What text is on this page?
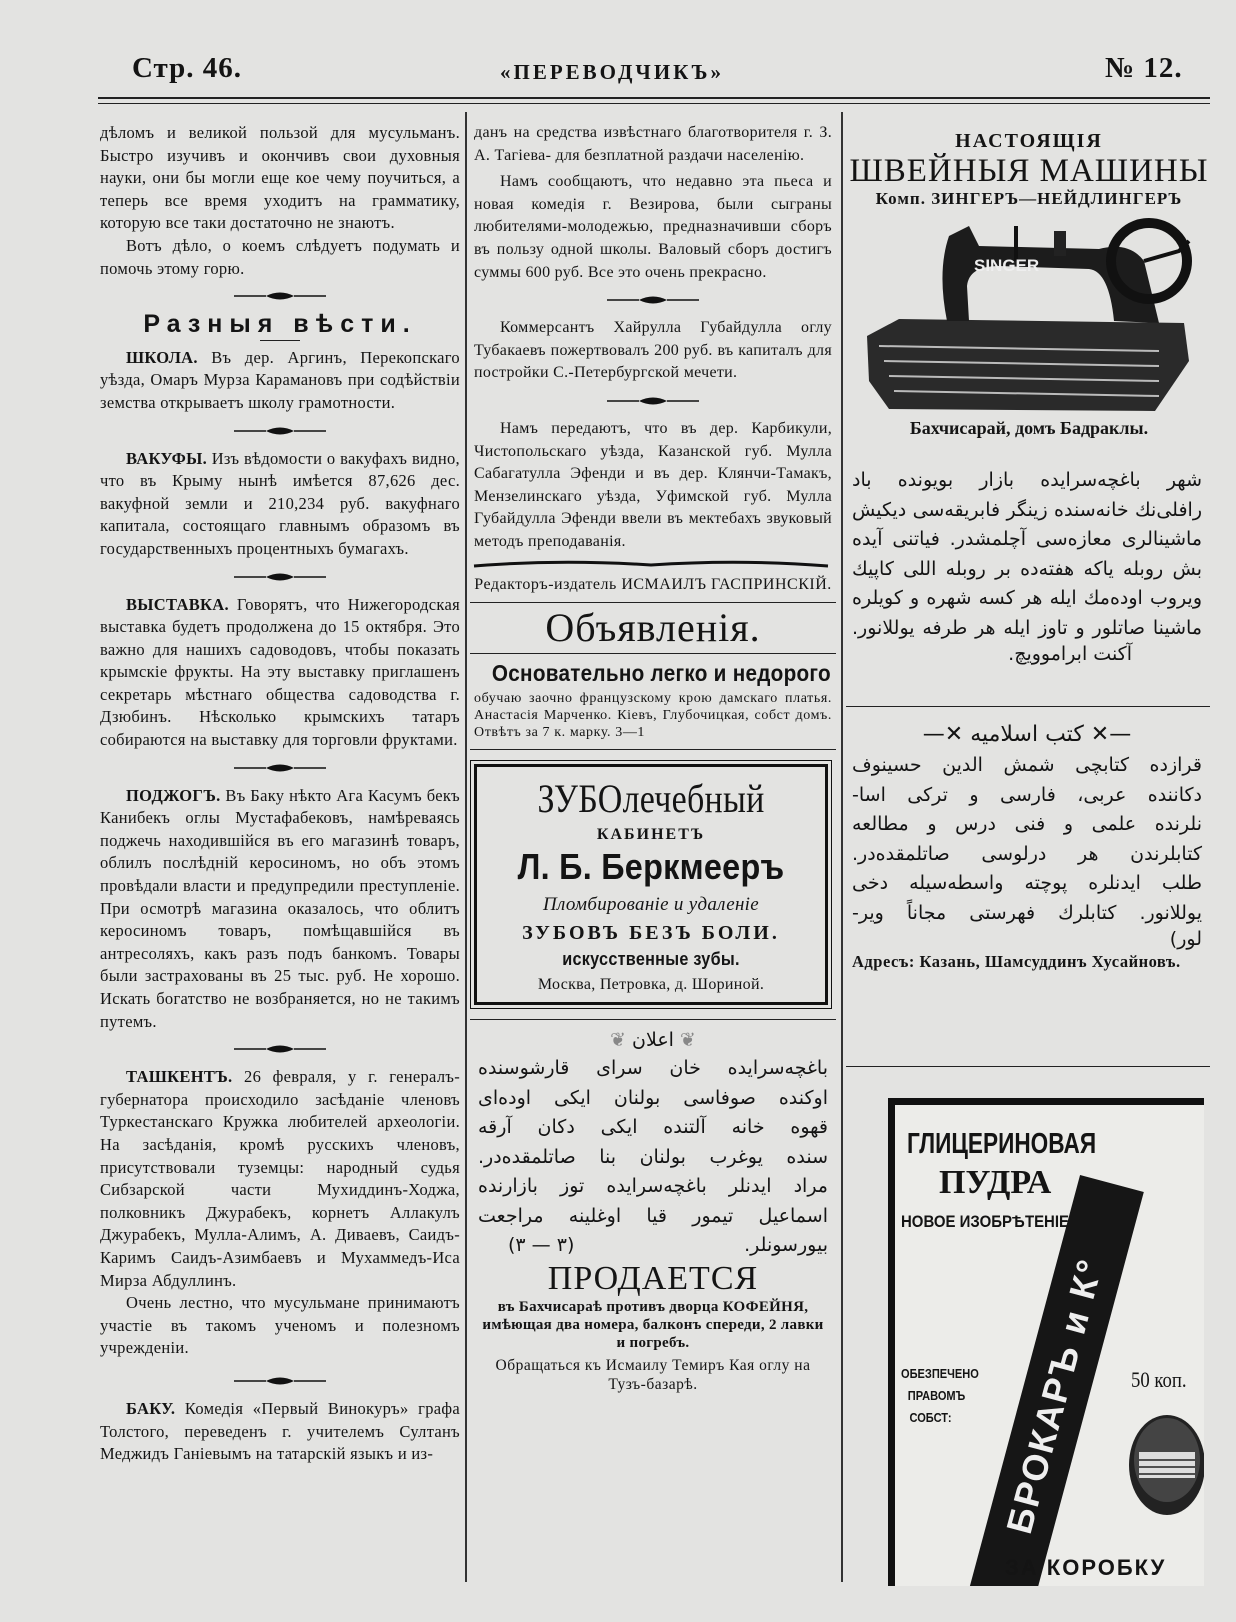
Стр. 46.	«ПЕРЕВОДЧИКЪ»	№ 12.

дѣломъ и великой пользой для мусульманъ. Быстро изучивъ и окончивъ свои духовныя науки, они бы могли еще кое чему поучиться, а теперь все время уходитъ на грамматику, которую все таки достаточно не знаютъ.

Вотъ дѣло, о коемъ слѣдуетъ подумать и помочь этому горю.

Разныя вѣсти.

ШКОЛА. Въ дер. Аргинъ, Перекопскаго уѣзда, Омаръ Мурза Карамановъ при содѣйствіи земства открываетъ школу грамотности.

ВАКУФЫ. Изъ вѣдомости о вакуфахъ видно, что въ Крыму нынѣ имѣется 87,626 дес. вакуфной земли и 210,234 руб. вакуфнаго капитала, состоящаго главнымъ образомъ въ государственныхъ процентныхъ бумагахъ.

ВЫСТАВКА. Говорятъ, что Нижегородская выставка будетъ продолжена до 15 октября. Это важно для нашихъ садоводовъ, чтобы показать крымскіе фрукты. На эту выставку приглашенъ секретарь мѣстнаго общества садоводства г. Дзюбинъ. Нѣсколько крымскихъ татаръ собираются на выставку для торговли фруктами.

ПОДЖОГЪ. Въ Баку нѣкто Ага Касумъ бекъ Канибекъ оглы Мустафабековъ, намѣреваясь поджечь находившійся въ его магазинѣ товаръ, облилъ послѣдній керосиномъ, но объ этомъ провѣдали власти и предупредили преступленіе. При осмотрѣ магазина оказалось, что облитъ керосиномъ товаръ, помѣщавшійся въ антресоляхъ, какъ разъ подъ банкомъ. Товары были застрахованы въ 25 тыс. руб. Не хорошо. Искать богатство не возбраняется, но не такимъ путемъ.

ТАШКЕНТЪ. 26 февраля, у г. генералъ-губернатора происходило засѣданіе членовъ Туркестанскаго Кружка любителей археологіи. На засѣданія, кромѣ русскихъ членовъ, присутствовали туземцы: народный судья Сибзарской части Мухиддинъ-Ходжа, полковникъ Джурабекъ, корнетъ Аллакулъ Джурабекъ, Мулла-Алимъ, А. Диваевъ, Саидъ-Каримъ Саидъ-Азимбаевъ и Мухаммедъ-Иса Мирза Абдуллинъ.

Очень лестно, что мусульмане принимаютъ участіе въ такомъ ученомъ и полезномъ учрежденіи.

БАКУ. Комедія «Первый Винокуръ» графа Толстого, переведенъ г. учителемъ Султанъ Меджидъ Ганіевымъ на татарскій языкъ и из-

данъ на средства извѣстнаго благотворителя г. З. А. Тагіева- для безплатной раздачи населенію.

Намъ сообщаютъ, что недавно эта пьеса и новая комедія г. Везирова, были сыграны любителями-молодежью, предназначивши сборъ въ пользу одной школы. Валовый сборъ достигъ суммы 600 руб. Все это очень прекрасно.

Коммерсантъ Хайрулла Губайдулла оглу Тубакаевъ пожертвовалъ 200 руб. въ капиталъ для постройки С.-Петербургской мечети.

Намъ передаютъ, что въ дер. Карбикули, Чистопольскаго уѣзда, Казанской губ. Мулла Сабагатулла Эфенди и въ дер. Клянчи-Тамакъ, Мензелинскаго уѣзда, Уфимской губ. Мулла Губайдулла Эфенди ввели въ мектебахъ звуковый методъ преподаванія.

Редакторъ-издатель ИСМАИЛЪ ГАСПРИНСКІЙ.
Объявленія.
Основательно легко и недорого
обучаю заочно французскому крою дамскаго платья. Анастасія Марченко. Кіевъ, Глубочицкая, собст домъ. Отвѣтъ за 7 к. марку. 3—1
ЗУБОлечебный
КАБИНЕТЪ
Л. Б. Беркмееръ
Пломбированіе и удаленіе
ЗУБОВЪ БЕЗЪ БОЛИ.
искусственные зубы.
Москва, Петровка, д. Шориной.
❦ اعلان ❦
باغچه‌سرایده خان سرای قارشوسنده
اوکنده صوفاسی بولنان ایکی اوده‌ای
قهوه خانه آلتنده ایکی دکان آرقه
سنده یوغرب بولنان بنا صاتلمقده‌در.
مراد ایدنلر باغچه‌سرایده توز بازارنده
اسماعیل تیمور قیا اوغلینه مراجعت
(٣ — ٣)	بیورسونلر.
ПРОДАЕТСЯ
въ Бахчисараѣ противъ дворца КОФЕЙНЯ, имѣющая два номера, балконъ спереди, 2 лавки и погребъ.
Обращаться къ Исмаилу Темиръ Кая оглу на Тузъ-базарѣ.
НАСТОЯЩІЯ
ШВЕЙНЫЯ МАШИНЫ
Комп. ЗИНГЕРЪ—НЕЙДЛИНГЕРЪ
SINGER
Бахчисарай, домъ Бадраклы.
شهر باغچه‌سرایده بازار بویونده باد
رافلی‌نك خانه‌سنده زینگر فابریقه‌سی دیکیش
ماشینالری معازه‌سی آچلمشدر. فیاتنی آیده
بش روبله یاکه هفته‌ده بر روبله اللی کاپیك
ویروب اوده‌مك ایله هر کسه شهره و کویلره
ماشینا صاتلور و تاوز ایله هر طرفه یوللانور.
آکنت ابراموویچ.
—✕ کتب اسلامیه ✕—
قرازده کتابچی شمش الدین حسینوف
دکاننده عربی، فارسی و ترکی اسا-
نلرنده علمی و فنی درس و مطالعه
کتابلرندن هر درلوسی صاتلمقده‌در.
طلب ایدنلره پوچته واسطه‌سیله دخی
یوللانور. کتابلرك فهرستی مجاناً ویر-
لور)
Адресъ: Казань, Шамсуддинъ Хусайновъ.
БРОКАРЪ и К°
ГЛИЦЕРИНОВАЯ
ПУДРА
НОВОЕ ИЗОБРѢТЕНІЕ
ОБЕЗПЕЧЕНО
ПРАВОМЪ
СОБСТ:
50 коп.
ЗА КОРОБКУ
